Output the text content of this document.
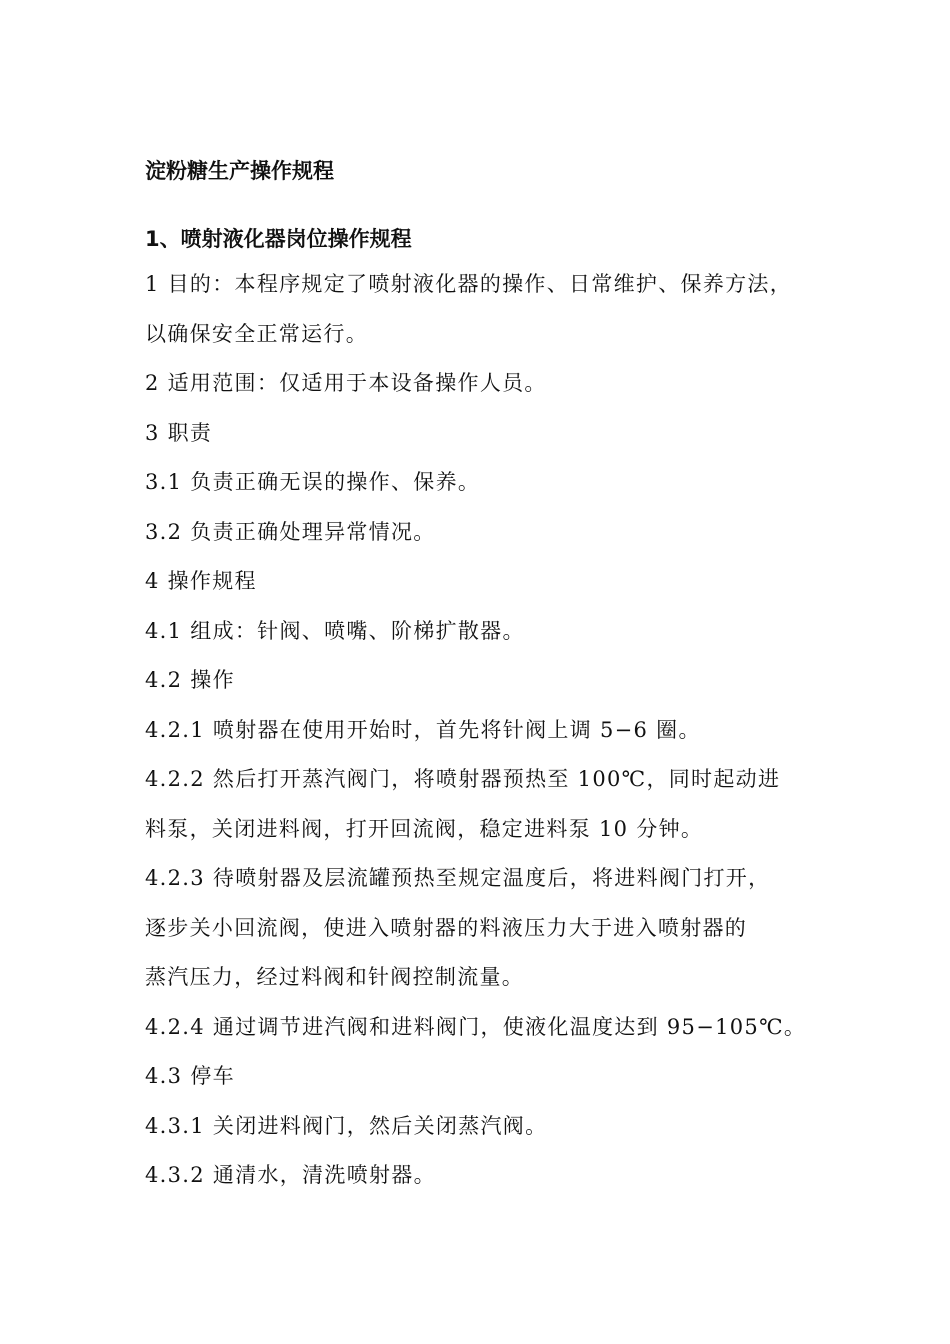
淀粉糖生产操作规程
1、喷射液化器岗位操作规程
1 目的：本程序规定了喷射液化器的操作、日常维护、保养方法，
以确保安全正常运行。
2 适用范围：仅适用于本设备操作人员。
3 职责
3.1 负责正确无误的操作、保养。
3.2 负责正确处理异常情况。
4 操作规程
4.1 组成：针阀、喷嘴、阶梯扩散器。
4.2 操作
4.2.1 喷射器在使用开始时，首先将针阀上调 5−6 圈。
4.2.2 然后打开蒸汽阀门，将喷射器预热至 100℃，同时起动进
料泵，关闭进料阀，打开回流阀，稳定进料泵 10 分钟。
4.2.3 待喷射器及层流罐预热至规定温度后，将进料阀门打开，
逐步关小回流阀，使进入喷射器的料液压力大于进入喷射器的
蒸汽压力，经过料阀和针阀控制流量。
4.2.4 通过调节进汽阀和进料阀门，使液化温度达到 95−105℃。
4.3 停车
4.3.1 关闭进料阀门，然后关闭蒸汽阀。
4.3.2 通清水，清洗喷射器。
